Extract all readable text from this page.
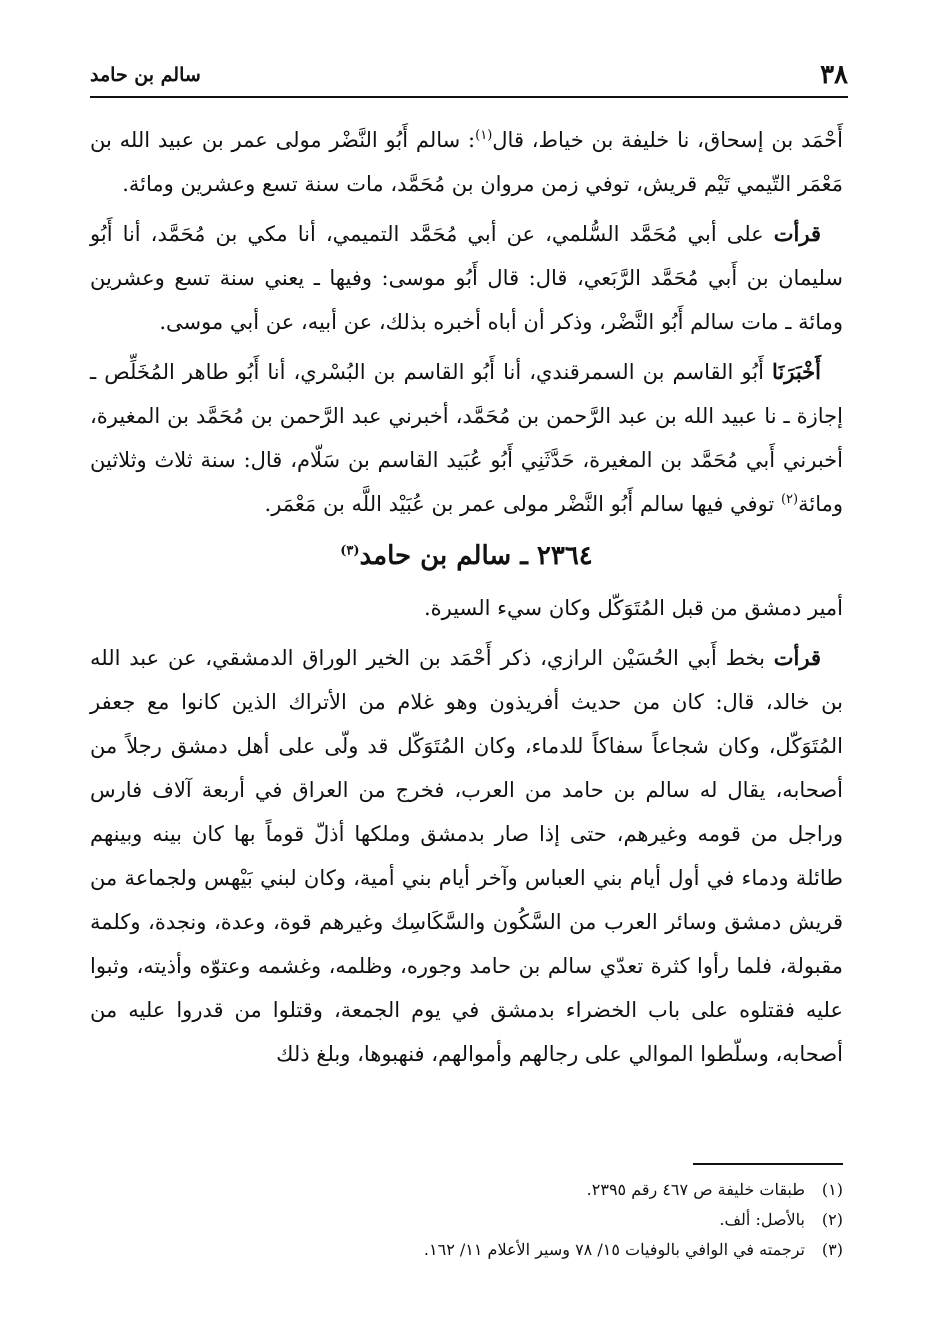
٣٨
سالم بن حامد

أَحْمَد بن إسحاق، نا خليفة بن خياط، قال$^{(١)}$: سالم أَبُو النَّضْر مولى عمر بن عبيد الله بن مَعْمَر التّيمي تَيْم قريش، توفي زمن مروان بن مُحَمَّد، مات سنة تسع وعشرين ومائة.

قرأت على أبي مُحَمَّد السُّلمي، عن أبي مُحَمَّد التميمي، أنا مكي بن مُحَمَّد، أنا أَبُو سليمان بن أَبي مُحَمَّد الرَّبَعي، قال: قال أَبُو موسى: وفيها ـ يعني سنة تسع وعشرين ومائة ـ مات سالم أَبُو النَّضْر، وذكر أن أباه أخبره بذلك، عن أبيه، عن أبي موسى.

أَخْبَرَنَا أَبُو القاسم بن السمرقندي، أنا أَبُو القاسم بن البُسْري، أنا أَبُو طاهر المُخَلِّص ـ إجازة ـ نا عبيد الله بن عبد الرَّحمن بن مُحَمَّد، أخبرني عبد الرَّحمن بن مُحَمَّد بن المغيرة، أخبرني أَبي مُحَمَّد بن المغيرة، حَدَّثَنِي أَبُو عُبَيد القاسم بن سَلّام، قال: سنة ثلاث وثلاثين ومائة$^{(٢)}$ توفي فيها سالم أَبُو النَّضْر مولى عمر بن عُبَيْد اللَّه بن مَعْمَر.

٢٣٦٤ ـ سالم بن حامد$^{(٣)}$

أمير دمشق من قبل المُتَوَكّل وكان سيء السيرة.

قرأت بخط أَبي الحُسَيْن الرازي، ذكر أَحْمَد بن الخير الوراق الدمشقي، عن عبد الله بن خالد، قال: كان من حديث أفريذون وهو غلام من الأتراك الذين كانوا مع جعفر المُتَوَكّل، وكان شجاعاً سفاكاً للدماء، وكان المُتَوَكّل قد ولّى على أهل دمشق رجلاً من أصحابه، يقال له سالم بن حامد من العرب، فخرج من العراق في أربعة آلاف فارس وراجل من قومه وغيرهم، حتى إذا صار بدمشق وملكها أذلّ قوماً بها كان بينه وبينهم طائلة ودماء في أول أيام بني العباس وآخر أيام بني أمية، وكان لبني بَيْهس ولجماعة من قريش دمشق وسائر العرب من السَّكُون والسَّكَاسِك وغيرهم قوة، وعدة، ونجدة، وكلمة مقبولة، فلما رأوا كثرة تعدّي سالم بن حامد وجوره، وظلمه، وغشمه وعتوّه وأذيته، وثبوا عليه فقتلوه على باب الخضراء بدمشق في يوم الجمعة، وقتلوا من قدروا عليه من أصحابه، وسلّطوا الموالي على رجالهم وأموالهم، فنهبوها، وبلغ ذلك

(١)طبقات خليفة ص ٤٦٧ رقم ٢٣٩٥.
(٢)بالأصل: ألف.
(٣)ترجمته في الوافي بالوفيات ١٥/ ٧٨ وسير الأعلام ١١/ ١٦٢.
